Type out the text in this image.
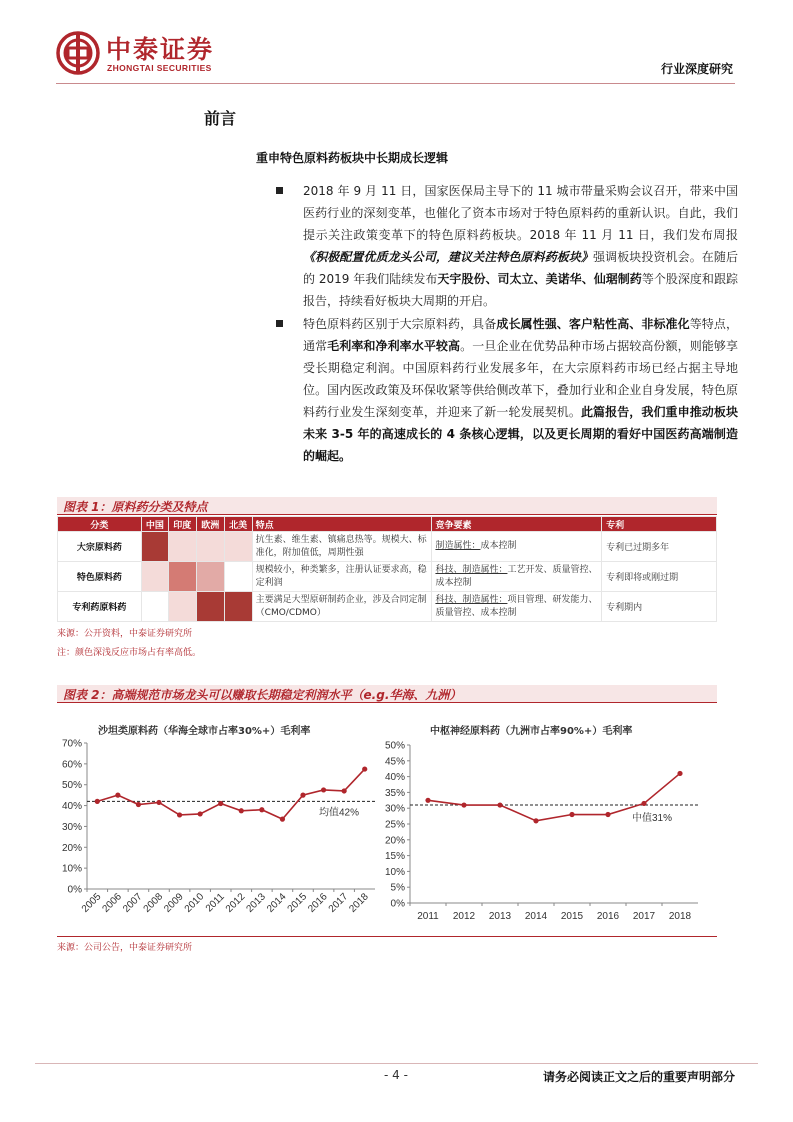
中泰证券
ZHONGTAI SECURITIES	行业深度研究
前言
重申特色原料药板块中长期成长逻辑

2018 年 9 月 11 日，国家医保局主导下的 11 城市带量采购会议召开，带来中国医药行业的深刻变革，也催化了资本市场对于特色原料药的重新认识。自此，我们提示关注政策变革下的特色原料药板块。2018 年 11 月 11 日，我们发布周报《积极配置优质龙头公司，建议关注特色原料药板块》强调板块投资机会。在随后的 2019 年我们陆续发布天宇股份、司太立、美诺华、仙琚制药等个股深度和跟踪报告，持续看好板块大周期的开启。

特色原料药区别于大宗原料药，具备成长属性强、客户粘性高、非标准化等特点，通常毛利率和净利率水平较高。一旦企业在优势品种市场占据较高份额，则能够享受长期稳定利润。中国原料药行业发展多年，在大宗原料药市场已经占据主导地位。国内医改政策及环保收紧等供给侧改革下，叠加行业和企业自身发展，特色原料药行业发生深刻变革，并迎来了新一轮发展契机。此篇报告，我们重申推动板块未来 3-5 年的高速成长的 4 条核心逻辑，以及更长周期的看好中国医药高端制造的崛起。

图表 1：原料药分类及特点
分类	中国	印度	欧洲	北美	特点	竞争要素	专利
大宗原料药					抗生素、维生素、镇痛息热等。规模大、标准化，附加值低，周期性强	制造属性：成本控制	专利已过期多年
特色原料药					规模较小，种类繁多，注册认证要求高，稳定利润	科技、制造属性：工艺开发、质量管控、成本控制	专利即将或刚过期
专利药原料药					主要满足大型原研制药企业，涉及合同定制（CMO/CDMO）	科技、制造属性：项目管理、研发能力、质量管控、成本控制	专利期内
来源：公开资料，中泰证券研究所
注：颜色深浅反应市场占有率高低。
图表 2：高端规范市场龙头可以赚取长期稳定利润水平（e.g.华海、九洲）
沙坦类原料药（华海全球市占率30%+）毛利率
0%
10%
20%
30%
40%
50%
60%
70%
2005
2006
2007
2008
2009
2010
2011
2012
2013
2014
2015
2016
2017
2018
均值42%
中枢神经原料药（九洲市占率90%+）毛利率
0%
5%
10%
15%
20%
25%
30%
35%
40%
45%
50%
2011 2012 2013 2014 2015 2016 2017 2018
中值31%
来源：公司公告，中泰证券研究所
- 4 -	请务必阅读正文之后的重要声明部分
